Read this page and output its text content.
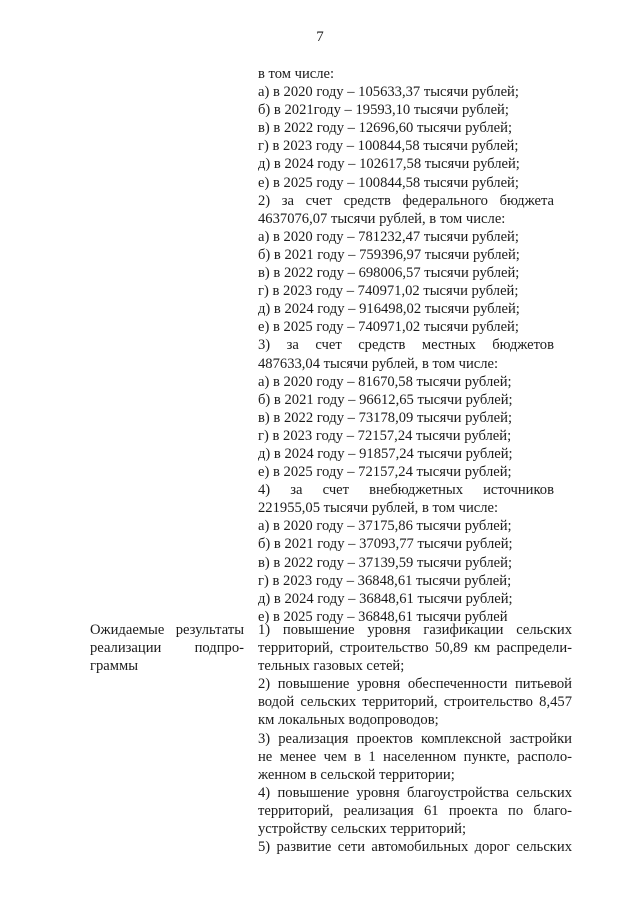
7
в том числе:
а) в 2020 году – 105633,37 тысячи рублей;
б) в 2021году – 19593,10 тысячи рублей;
в) в 2022 году – 12696,60 тысячи рублей;
г) в 2023 году – 100844,58 тысячи рублей;
д) в 2024 году – 102617,58 тысячи рублей;
е) в 2025 году – 100844,58 тысячи рублей;
2) за счет средств федерального бюджета
4637076,07 тысячи рублей, в том числе:
а) в 2020 году – 781232,47 тысячи рублей;
б) в 2021 году – 759396,97 тысячи рублей;
в) в 2022 году – 698006,57 тысячи рублей;
г) в 2023 году – 740971,02 тысячи рублей;
д) в 2024 году – 916498,02 тысячи рублей;
е) в 2025 году – 740971,02 тысячи рублей;
3) за счет средств местных бюджетов
487633,04 тысячи рублей, в том числе:
а) в 2020 году – 81670,58 тысячи рублей;
б) в 2021 году – 96612,65 тысячи рублей;
в) в 2022 году – 73178,09 тысячи рублей;
г) в 2023 году – 72157,24 тысячи рублей;
д) в 2024 году – 91857,24 тысячи рублей;
е) в 2025 году – 72157,24 тысячи рублей;
4) за счет внебюджетных источников
221955,05 тысячи рублей, в том числе:
а) в 2020 году – 37175,86 тысячи рублей;
б) в 2021 году – 37093,77 тысячи рублей;
в) в 2022 году – 37139,59 тысячи рублей;
г) в 2023 году – 36848,61 тысячи рублей;
д) в 2024 году – 36848,61 тысячи рублей;
е) в 2025 году – 36848,61 тысячи рублей
Ожидаемые результаты
реализации подпро-
граммы
1) повышение уровня газификации сельских
территорий, строительство 50,89 км распредели-
тельных газовых сетей;
2) повышение уровня обеспеченности питьевой
водой сельских территорий, строительство 8,457
км локальных водопроводов;
3) реализация проектов комплексной застройки
не менее чем в 1 населенном пункте, располо-
женном в сельской территории;
4) повышение уровня благоустройства сельских
территорий, реализация 61 проекта по благо-
устройству сельских территорий;
5) развитие сети автомобильных дорог сельских
